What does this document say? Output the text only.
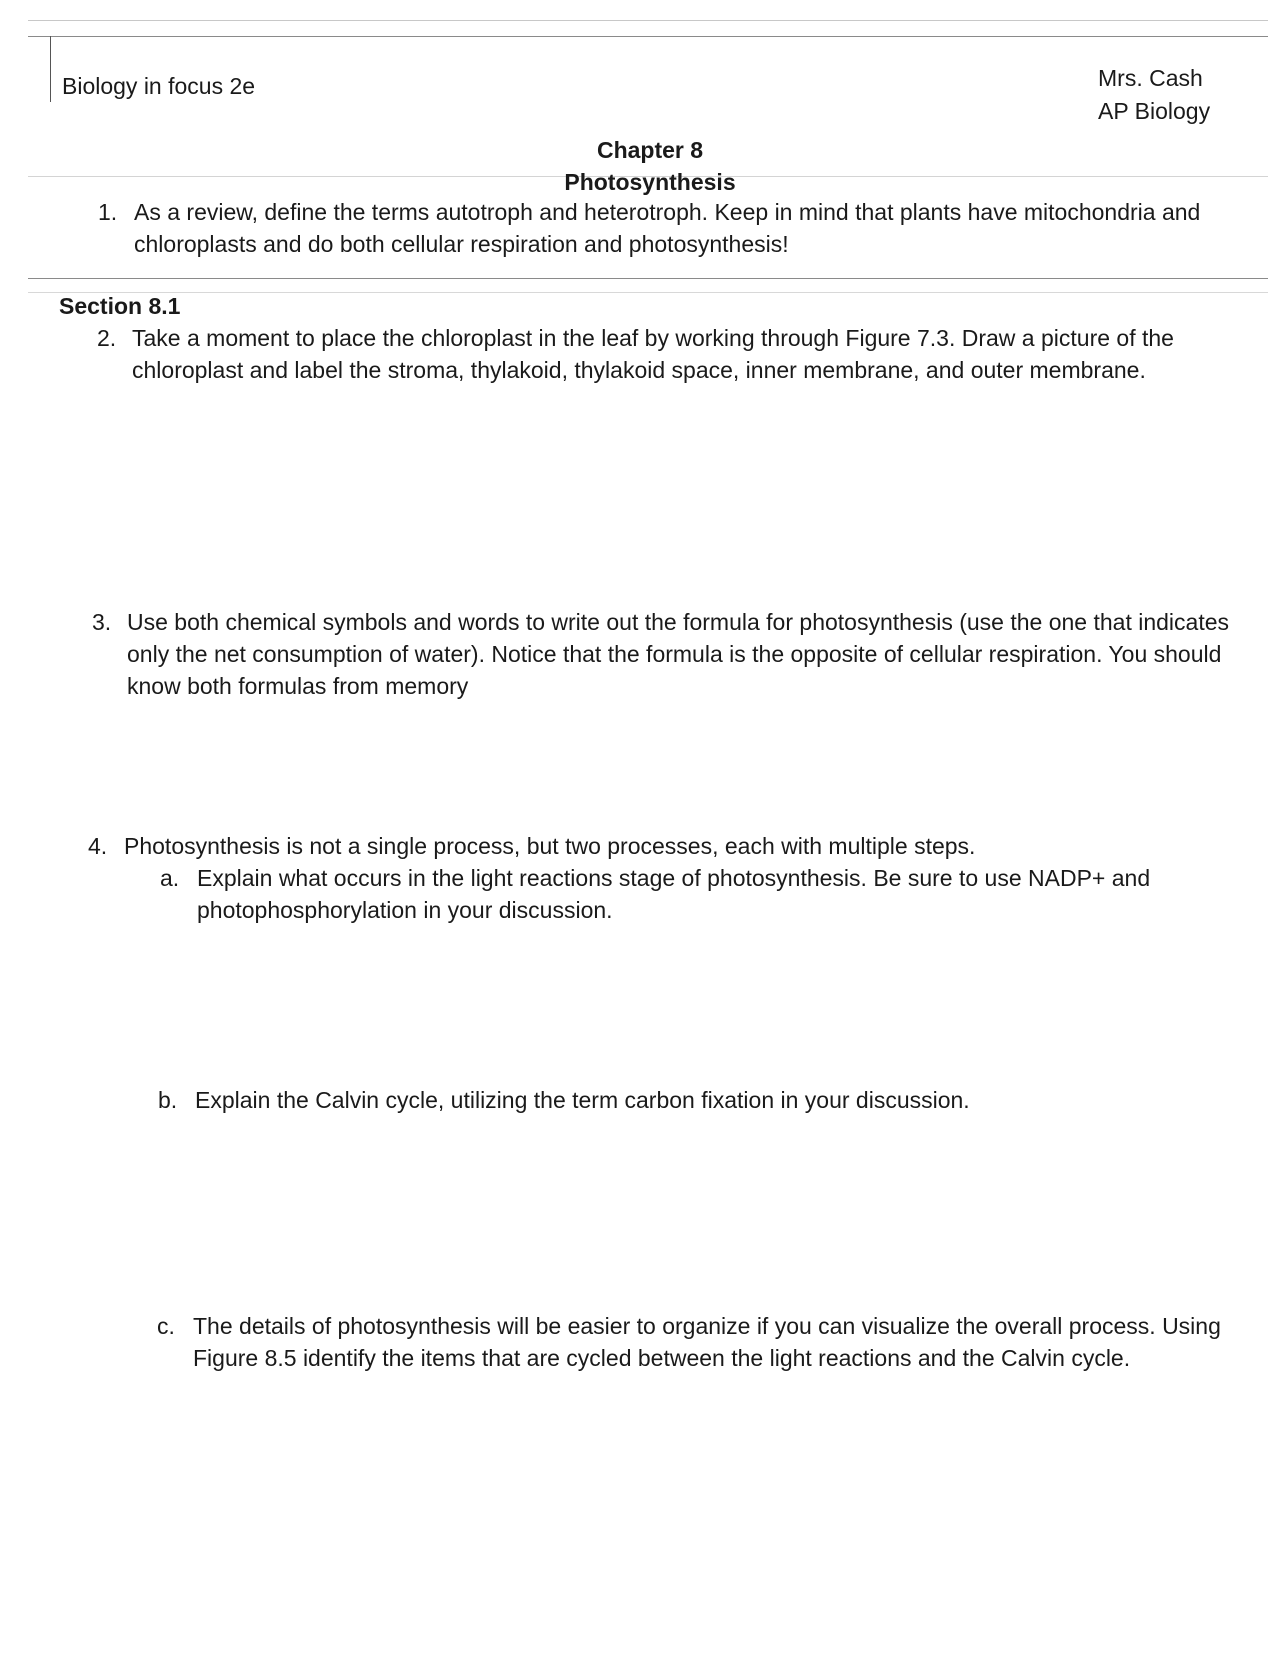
Biology in focus 2e	Mrs. Cash
AP Biology
Chapter 8
Photosynthesis
1. As a review, define the terms autotroph and heterotroph. Keep in mind that plants have mitochondria and
chloroplasts and do both cellular respiration and photosynthesis!
Section 8.1
2. Take a moment to place the chloroplast in the leaf by working through Figure 7.3. Draw a picture of the
chloroplast and label the stroma, thylakoid, thylakoid space, inner membrane, and outer membrane.
3. Use both chemical symbols and words to write out the formula for photosynthesis (use the one that indicates
only the net consumption of water). Notice that the formula is the opposite of cellular respiration. You should
know both formulas from memory
4. Photosynthesis is not a single process, but two processes, each with multiple steps.
a. Explain what occurs in the light reactions stage of photosynthesis. Be sure to use NADP+ and
photophosphorylation in your discussion.
b. Explain the Calvin cycle, utilizing the term carbon fixation in your discussion.
c. The details of photosynthesis will be easier to organize if you can visualize the overall process. Using
Figure 8.5 identify the items that are cycled between the light reactions and the Calvin cycle.
